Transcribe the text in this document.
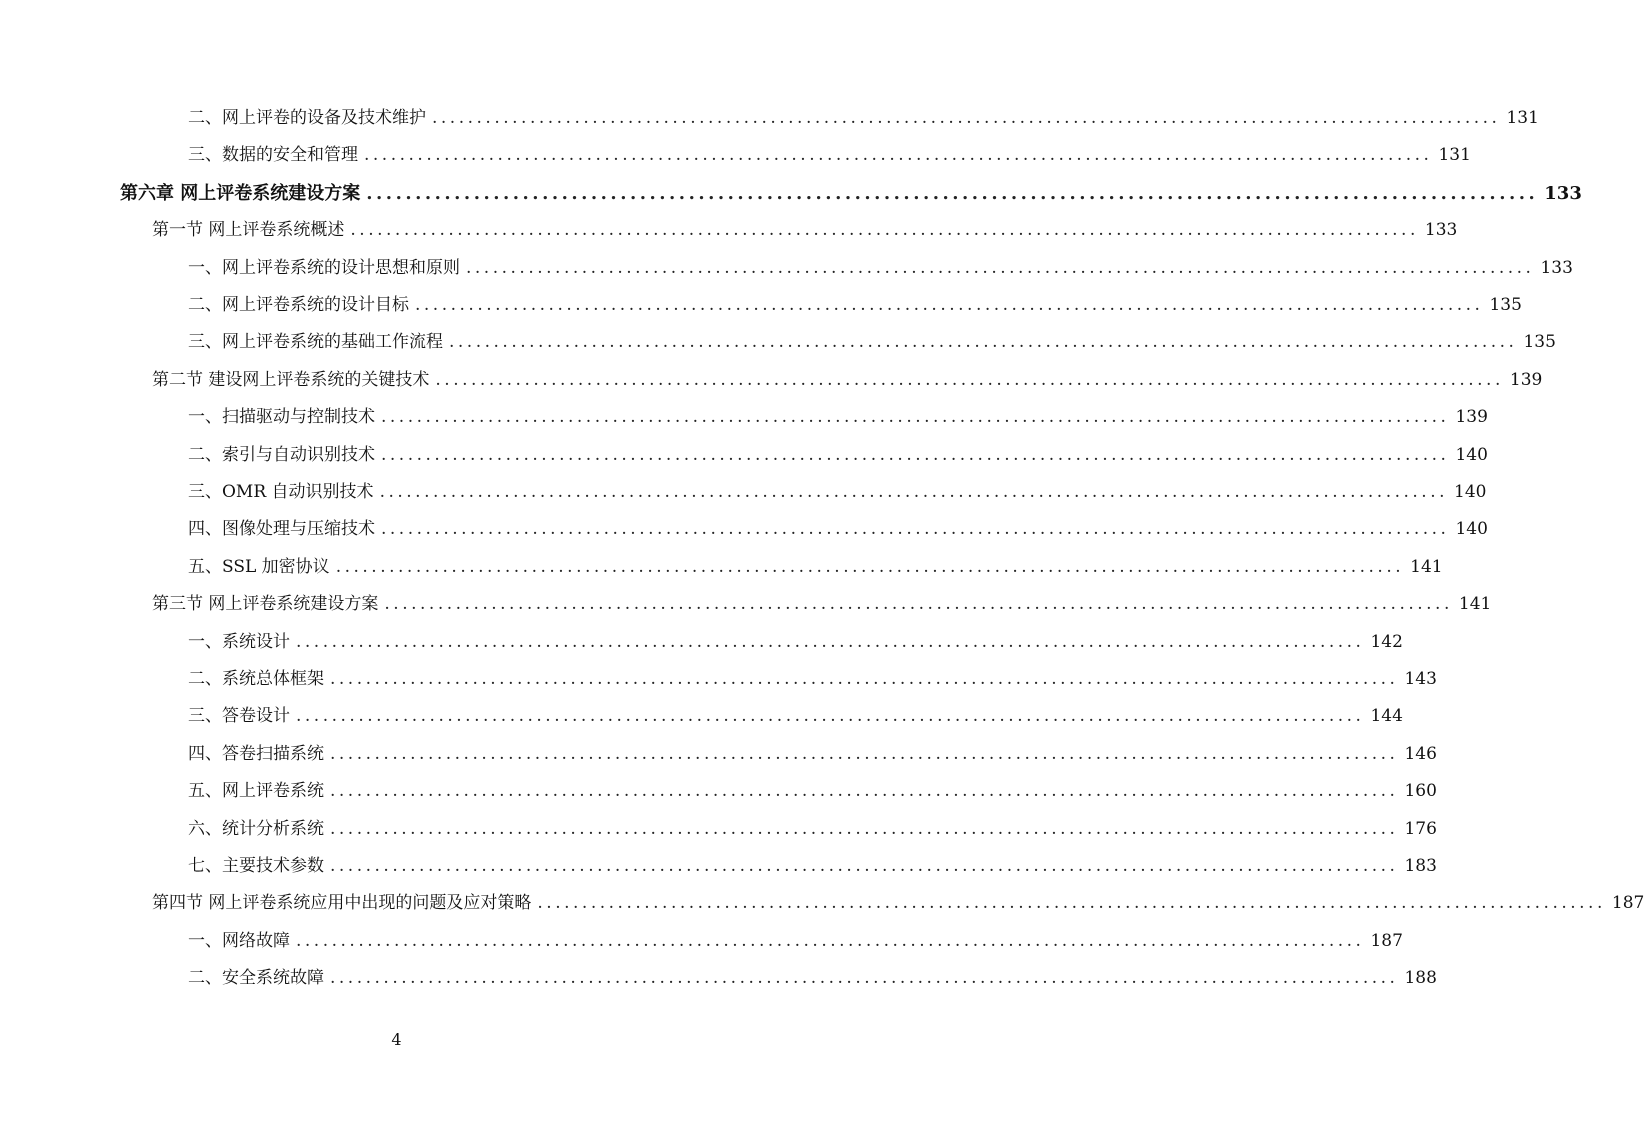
二、网上评卷的设备及技术维护 ........................................................................................................................ 131
三、数据的安全和管理 ........................................................................................................................ 131
第六章 网上评卷系统建设方案 ........................................................................................................................ 133
第一节 网上评卷系统概述 ........................................................................................................................ 133
一、网上评卷系统的设计思想和原则 ........................................................................................................................ 133
二、网上评卷系统的设计目标 ........................................................................................................................ 135
三、网上评卷系统的基础工作流程 ........................................................................................................................ 135
第二节 建设网上评卷系统的关键技术 ........................................................................................................................ 139
一、扫描驱动与控制技术 ........................................................................................................................ 139
二、索引与自动识别技术 ........................................................................................................................ 140
三、OMR 自动识别技术 ........................................................................................................................ 140
四、图像处理与压缩技术 ........................................................................................................................ 140
五、SSL 加密协议 ........................................................................................................................ 141
第三节 网上评卷系统建设方案 ........................................................................................................................ 141
一、系统设计 ........................................................................................................................ 142
二、系统总体框架 ........................................................................................................................ 143
三、答卷设计 ........................................................................................................................ 144
四、答卷扫描系统 ........................................................................................................................ 146
五、网上评卷系统 ........................................................................................................................ 160
六、统计分析系统 ........................................................................................................................ 176
七、主要技术参数 ........................................................................................................................ 183
第四节 网上评卷系统应用中出现的问题及应对策略 ........................................................................................................................ 187
一、网络故障 ........................................................................................................................ 187
二、安全系统故障 ........................................................................................................................ 188
4
